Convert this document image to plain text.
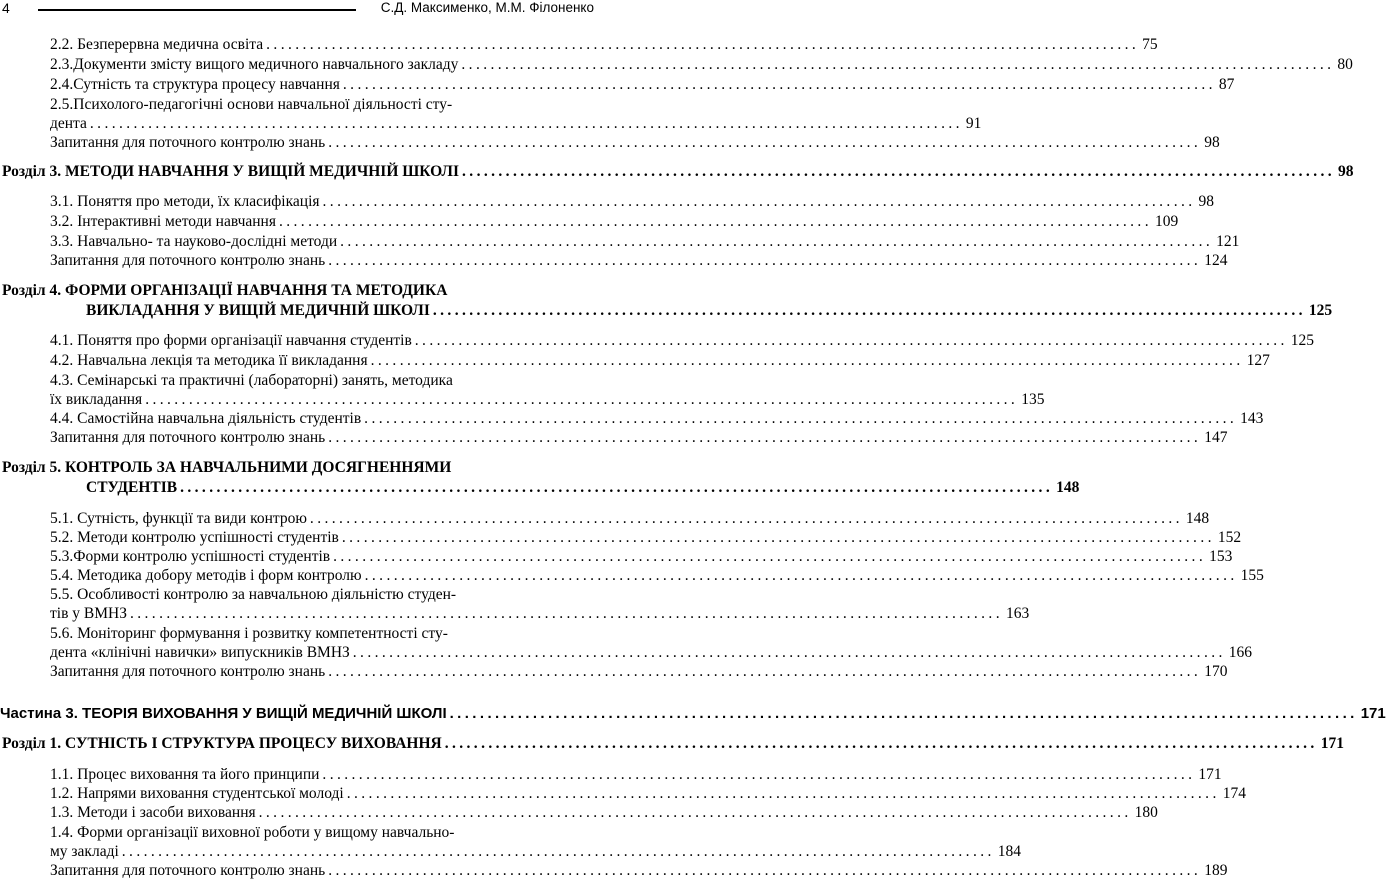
4	С.Д. Максименко, М.М. Філоненко
2.2. Безперервна медична освіта ........................................................................................................................ 75
2.3.Документи змісту вищого медичного навчального закладу ........................................................................................................................ 80
2.4.Сутність та структура процесу навчання ........................................................................................................................ 87
2.5.Психолого-педагогічні основи навчальної діяльності сту-
дента ........................................................................................................................ 91
Запитання для поточного контролю знань ........................................................................................................................ 98
Розділ 3. МЕТОДИ НАВЧАННЯ У ВИЩІЙ МЕДИЧНІЙ ШКОЛІ ........................................................................................................................ 98
3.1. Поняття про методи, їх класифікація ........................................................................................................................ 98
3.2. Інтерактивні методи навчання ........................................................................................................................ 109
3.3. Навчально- та науково-дослідні методи ........................................................................................................................ 121
Запитання для поточного контролю знань ........................................................................................................................ 124
Розділ 4. ФОРМИ ОРГАНІЗАЦІЇ НАВЧАННЯ ТА МЕТОДИКА
ВИКЛАДАННЯ У ВИЩІЙ МЕДИЧНІЙ ШКОЛІ ........................................................................................................................ 125
4.1. Поняття про форми організації навчання студентів ........................................................................................................................ 125
4.2. Навчальна лекція та методика її викладання ........................................................................................................................ 127
4.3. Семінарські та практичні (лабораторні) занять, методика
їх викладання ........................................................................................................................ 135
4.4. Самостійна навчальна діяльність студентів ........................................................................................................................ 143
Запитання для поточного контролю знань ........................................................................................................................ 147
Розділ 5. КОНТРОЛЬ ЗА НАВЧАЛЬНИМИ ДОСЯГНЕННЯМИ
СТУДЕНТІВ ........................................................................................................................ 148
5.1. Сутність, функції та види контрою ........................................................................................................................ 148
5.2. Методи контролю успішності студентів ........................................................................................................................ 152
5.3.Форми контролю успішності студентів ........................................................................................................................ 153
5.4. Методика добору методів і форм контролю ........................................................................................................................ 155
5.5. Особливості контролю за навчальною діяльністю студен-
тів у ВМНЗ ........................................................................................................................ 163
5.6. Моніторинг формування і розвитку компетентності сту-
дента «клінічні навички» випускників ВМНЗ ........................................................................................................................ 166
Запитання для поточного контролю знань ........................................................................................................................ 170
Частина 3. ТЕОРІЯ ВИХОВАННЯ У ВИЩІЙ МЕДИЧНІЙ ШКОЛІ ........................................................................................................................ 171
Розділ 1. СУТНІСТЬ І СТРУКТУРА ПРОЦЕСУ ВИХОВАННЯ ........................................................................................................................ 171
1.1. Процес виховання та його принципи ........................................................................................................................ 171
1.2. Напрями виховання студентської молоді ........................................................................................................................ 174
1.3. Методи і засоби виховання ........................................................................................................................ 180
1.4. Форми організації виховної роботи у вищому навчально-
му закладі ........................................................................................................................ 184
Запитання для поточного контролю знань ........................................................................................................................ 189
